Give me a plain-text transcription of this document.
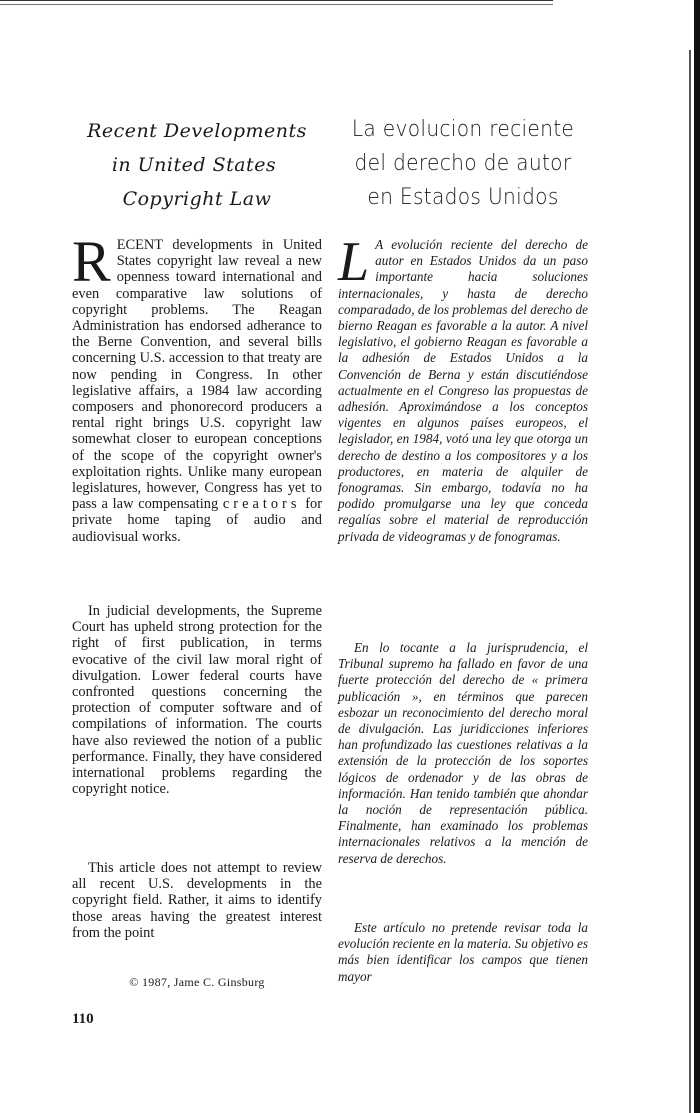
Recent Developments
in United States
Copyright Law
La evolucion reciente
del derecho de autor
en Estados Unidos
RECENT developments in United States copyright law reveal a new openness toward international and even comparative law solutions of copyright problems. The Reagan Administration has endorsed adherance to the Berne Convention, and several bills concerning U.S. accession to that treaty are now pending in Congress. In other legislative affairs, a 1984 law according composers and phonorecord producers a rental right brings U.S. copyright law somewhat closer to european conceptions of the scope of the copyright owner's exploitation rights. Unlike many european legislatures, however, Congress has yet to pass a law compensating creators for private home taping of audio and audiovisual works.
In judicial developments, the Supreme Court has upheld strong protection for the right of first publication, in terms evocative of the civil law moral right of divulgation. Lower federal courts have confronted questions concerning the protection of computer software and of compilations of information. The courts have also reviewed the notion of a public performance. Finally, they have considered international problems regarding the copyright notice.
This article does not attempt to review all recent U.S. developments in the copyright field. Rather, it aims to identify those areas having the greatest interest from the point
L A evolución reciente del derecho de autor en Estados Unidos da un paso importante hacia soluciones internacionales, y hasta de derecho comparadado, de los problemas del derecho de bierno Reagan es favorable a la autor. A nivel legislativo, el gobierno Reagan es favorable a la adhesión de Estados Unidos a la Convención de Berna y están discutiéndose actualmente en el Congreso las propuestas de adhesión. Aproximándose a los conceptos vigentes en algunos países europeos, el legislador, en 1984, votó una ley que otorga un derecho de destino a los compositores y a los productores, en materia de alquiler de fonogramas. Sin embargo, todavía no ha podido promulgarse una ley que conceda regalías sobre el material de reproducción privada de videogramas y de fonogramas.
En lo tocante a la jurisprudencia, el Tribunal supremo ha fallado en favor de una fuerte protección del derecho de « primera publicación », en términos que parecen esbozar un reconocimiento del derecho moral de divulgación. Las juridicciones inferiores han profundizado las cuestiones relativas a la extensión de la protección de los soportes lógicos de ordenador y de las obras de información. Han tenido también que ahondar la noción de representación pública. Finalmente, han examinado los problemas internacionales relativos a la mención de reserva de derechos.
Este artículo no pretende revisar toda la evolución reciente en la materia. Su objetivo es más bien identificar los campos que tienen mayor
© 1987, Jame C. Ginsburg
110
